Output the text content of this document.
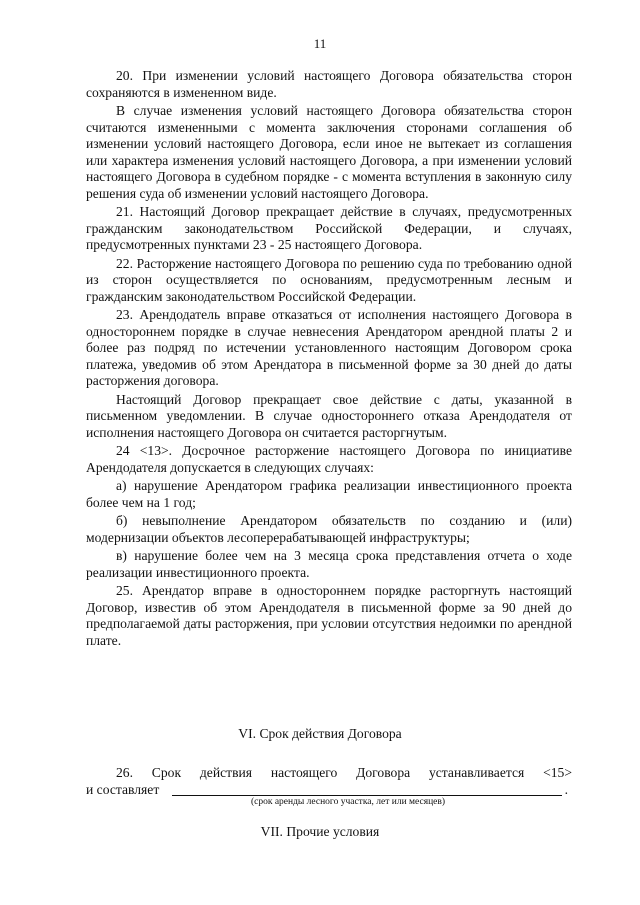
11

20. При изменении условий настоящего Договора обязательства сторон сохраняются в измененном виде.

В случае изменения условий настоящего Договора обязательства сторон считаются измененными с момента заключения сторонами соглашения об изменении условий настоящего Договора, если иное не вытекает из соглашения или характера изменения условий настоящего Договора, а при изменении условий настоящего Договора в судебном порядке - с момента вступления в законную силу решения суда об изменении условий настоящего Договора.

21. Настоящий Договор прекращает действие в случаях, предусмотренных гражданским законодательством Российской Федерации, и случаях, предусмотренных пунктами 23 - 25 настоящего Договора.

22. Расторжение настоящего Договора по решению суда по требованию одной из сторон осуществляется по основаниям, предусмотренным лесным и гражданским законодательством Российской Федерации.

23. Арендодатель вправе отказаться от исполнения настоящего Договора в одностороннем порядке в случае невнесения Арендатором арендной платы 2 и более раз подряд по истечении установленного настоящим Договором срока платежа, уведомив об этом Арендатора в письменной форме за 30 дней до даты расторжения договора.

Настоящий Договор прекращает свое действие с даты, указанной в письменном уведомлении. В случае одностороннего отказа Арендодателя от исполнения настоящего Договора он считается расторгнутым.

24 <13>. Досрочное расторжение настоящего Договора по инициативе Арендодателя допускается в следующих случаях:

а) нарушение Арендатором графика реализации инвестиционного проекта более чем на 1 год;

б) невыполнение Арендатором обязательств по созданию и (или) модернизации объектов лесоперерабатывающей инфраструктуры;

в) нарушение более чем на 3 месяца срока представления отчета о ходе реализации инвестиционного проекта.

25. Арендатор вправе в одностороннем порядке расторгнуть настоящий Договор, известив об этом Арендодателя в письменной форме за 90 дней до предполагаемой даты расторжения, при условии отсутствия недоимки по арендной плате.

VI. Срок действия Договора
26. Срок действия настоящего Договора устанавливается <15>
и составляет	.
(срок аренды лесного участка, лет или месяцев)
VII. Прочие условия
